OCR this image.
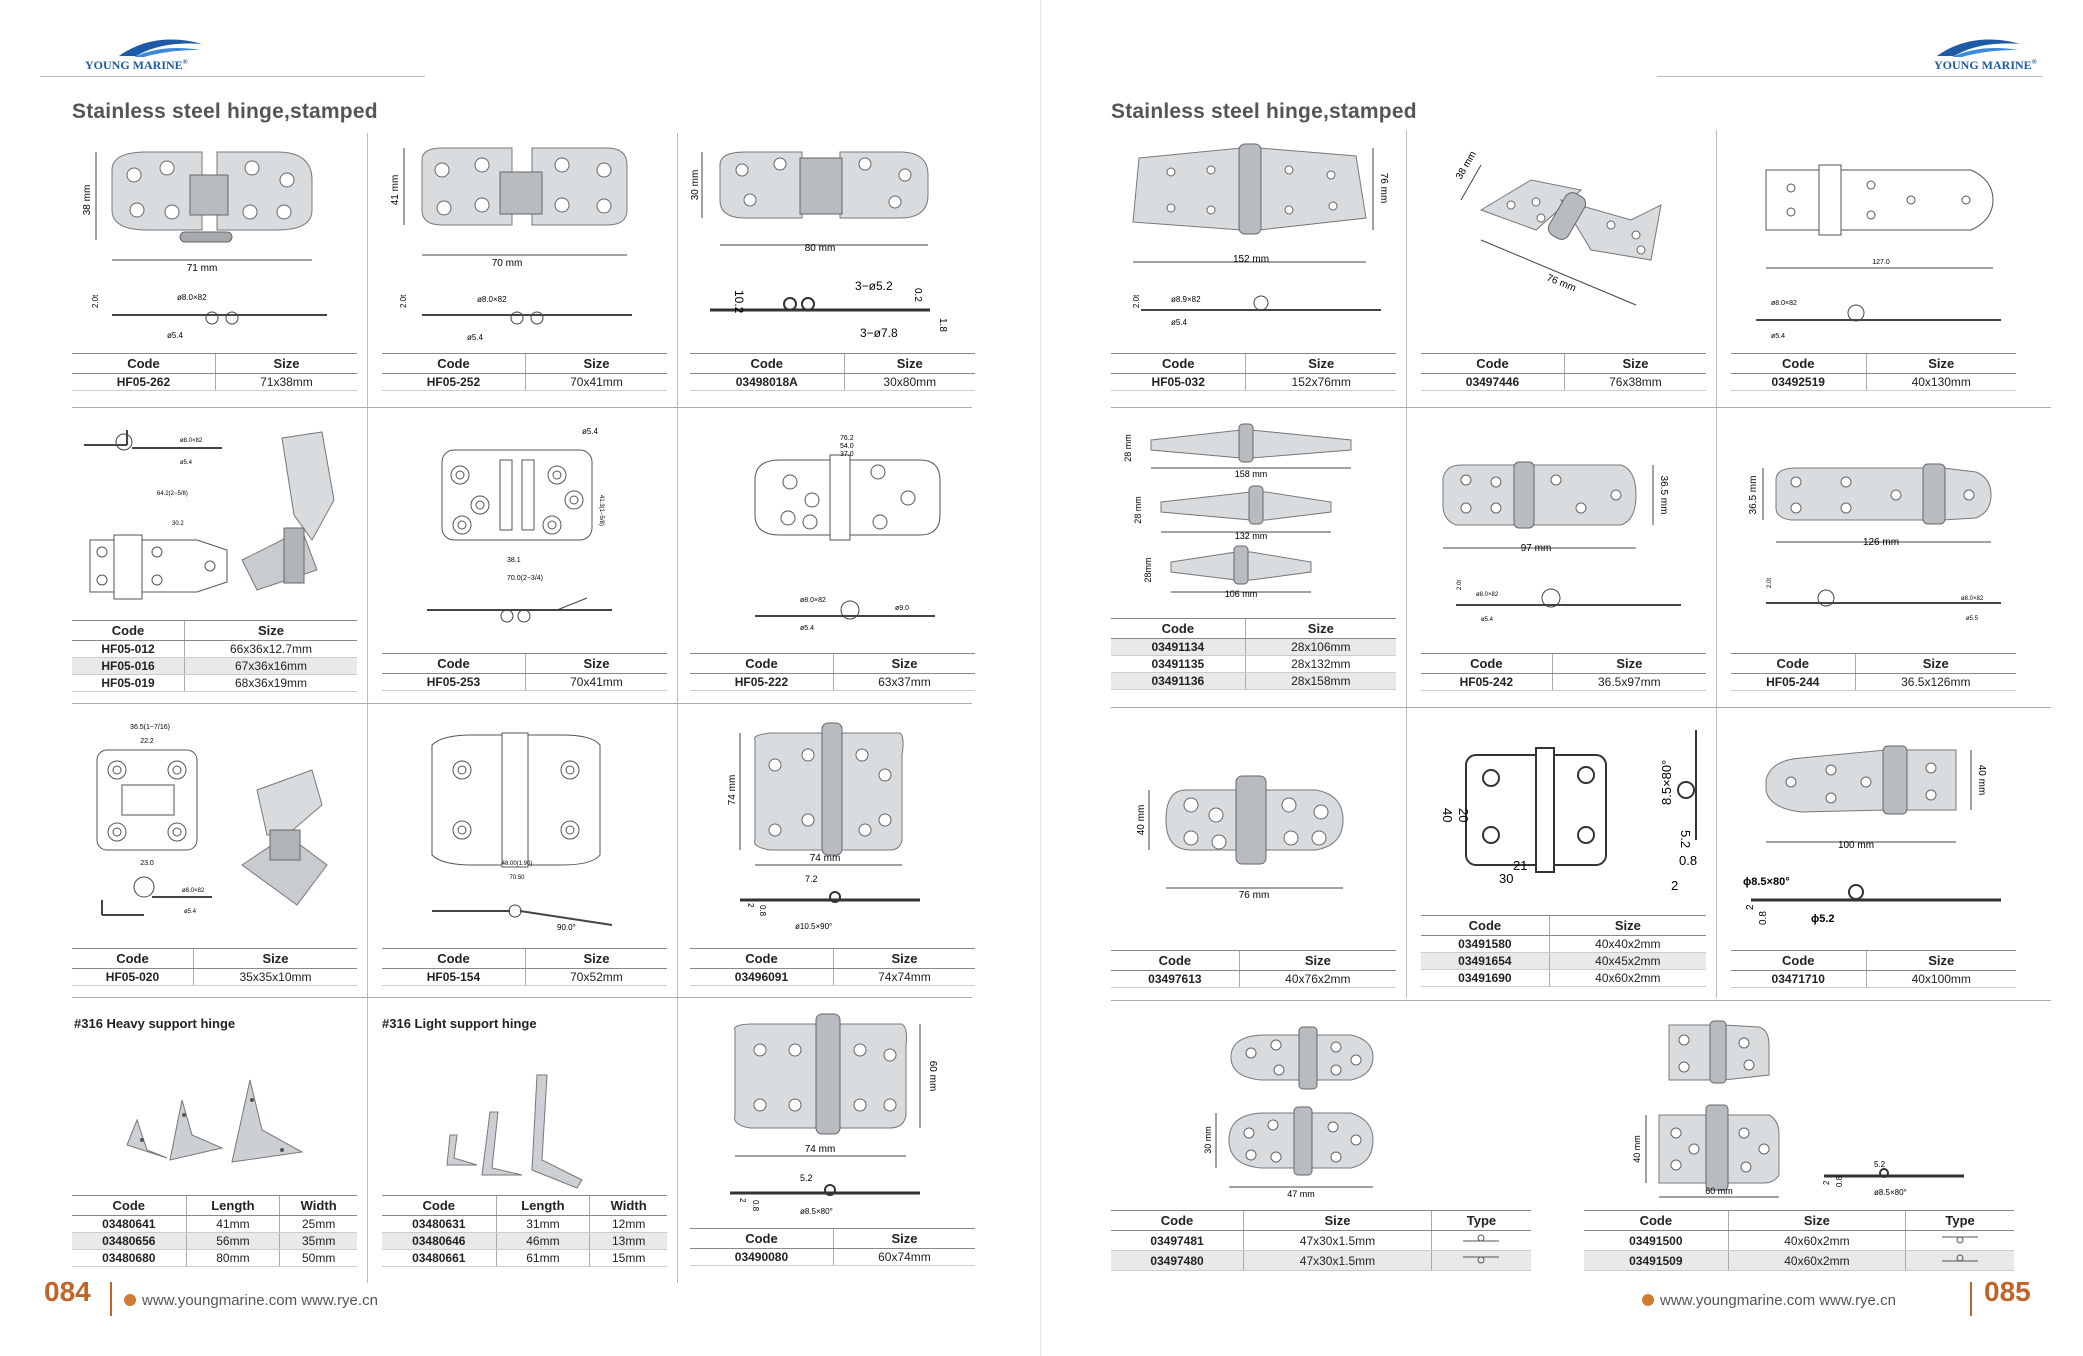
YOUNG MARINE®
Stainless steel hinge,stamped
38 mm
71 mm
2.0t	ø8.0×82
ø5.4
Code	Size
HF05-262	71x38mm
41 mm
70 mm
2.0t	ø8.0×82
ø5.4
Code	Size
HF05-252	70x41mm
30 mm
80 mm
10.2
3−ø5.2
3−ø7.8
0.2
1.8
Code	Size
03498018A	30x80mm
ø8.0×82
ø5.4
64.2(2−5/8)
30.2
Code	Size
HF05-012	66x36x12.7mm
HF05-016	67x36x16mm
HF05-019	68x36x19mm
ø5.4
38.1
70.0(2−3/4)
41.3(1−5/8)
Code	Size
HF05-253	70x41mm
76.2
54.0
37.0
ø8.0×82
ø5.4
ø9.0
Code	Size
HF05-222	63x37mm
36.5(1−7/16)
22.2
23.0
ø8.0×82
ø5.4
Code	Size
HF05-020	35x35x10mm
48.00(1.90)
70.50
90.0°
Code	Size
HF05-154	70x52mm
74 mm
74 mm
7.2
0.8
2
ø10.5×90°
Code	Size
03496091	74x74mm
#316 Heavy support hinge
Code	Length	Width
03480641	41mm	25mm
03480656	56mm	35mm
03480680	80mm	50mm
#316 Light support hinge
Code	Length	Width
03480631	31mm	12mm
03480646	46mm	13mm
03480661	61mm	15mm
60 mm
74 mm
5.2
0.8
2
ø8.5×80°
Code	Size
03490080	60x74mm
084	www.youngmarine.com www.rye.cn
YOUNG MARINE®
Stainless steel hinge,stamped
76 mm
152 mm
2.0t	ø8.9×82
ø5.4
Code	Size
HF05-032	152x76mm
38 mm
76 mm
Code	Size
03497446	76x38mm
127.0
ø8.0×82
ø5.4
Code	Size
03492519	40x130mm
158 mm
28 mm
132 mm
28 mm
106 mm
28mm
Code	Size
03491134	28x106mm
03491135	28x132mm
03491136	28x158mm
36.5 mm
97 mm
2.0t
ø8.0×82
ø5.4
Code	Size
HF05-242	36.5x97mm
36.5 mm
126 mm
2.0t
ø8.0×82
ø5.5
Code	Size
HF05-244	36.5x126mm
40 mm
76 mm
Code	Size
03497613	40x76x2mm
40 20
21
30
8.5×80°
5.2
0.8
2
Code	Size
03491580	40x40x2mm
03491654	40x45x2mm
03491690	40x60x2mm
40 mm
100 mm
ϕ8.5×80°
ϕ5.2
2
0.8
Code	Size
03471710	40x100mm
30 mm
47 mm
Code	Size	Type
03497481	47x30x1.5mm	
03497480	47x30x1.5mm	
40 mm
60 mm
5.2
ø8.5×80°
2 0.8
Code	Size	Type
03491500	40x60x2mm	
03491509	40x60x2mm	
www.youngmarine.com www.rye.cn	085
